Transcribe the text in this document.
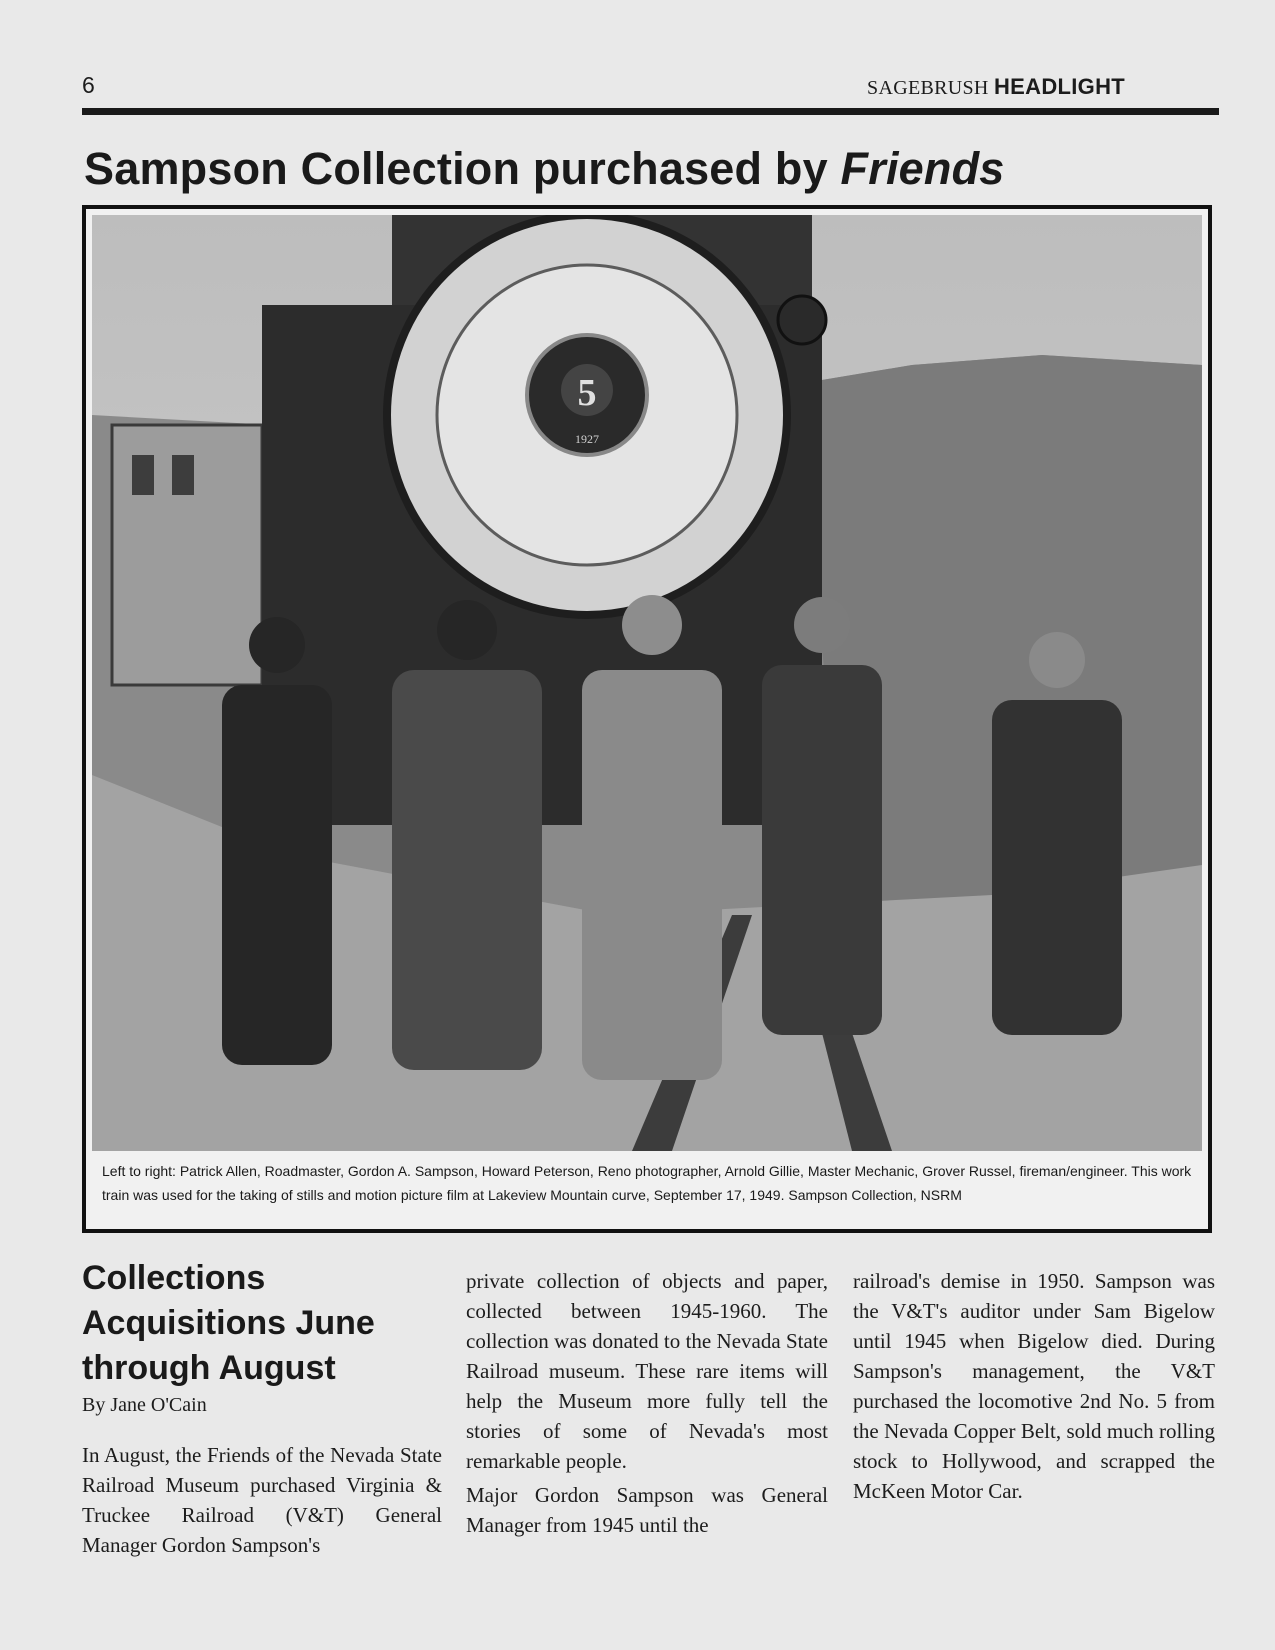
6	SAGEBRUSH HEADLIGHT
Sampson Collection purchased by Friends
5
1927
Left to right: Patrick Allen, Roadmaster, Gordon A. Sampson, Howard Peterson, Reno photographer, Arnold Gillie, Master Mechanic, Grover Russel, fireman/engineer. This work train was used for the taking of stills and motion picture film at Lakeview Mountain curve, September 17, 1949. Sampson Collection, NSRM
Collections Acquisitions June through August
By Jane O'Cain

In August, the Friends of the Nevada State Railroad Museum purchased Virginia & Truckee Railroad (V&T) General Manager Gordon Sampson's

private collection of objects and paper, collected between 1945-1960. The collection was donated to the Nevada State Railroad museum. These rare items will help the Museum more fully tell the stories of some of Nevada's most remarkable people.

Major Gordon Sampson was General Manager from 1945 until the

railroad's demise in 1950. Sampson was the V&T's auditor under Sam Bigelow until 1945 when Bigelow died. During Sampson's management, the V&T purchased the locomotive 2nd No. 5 from the Nevada Copper Belt, sold much rolling stock to Hollywood, and scrapped the McKeen Motor Car.
